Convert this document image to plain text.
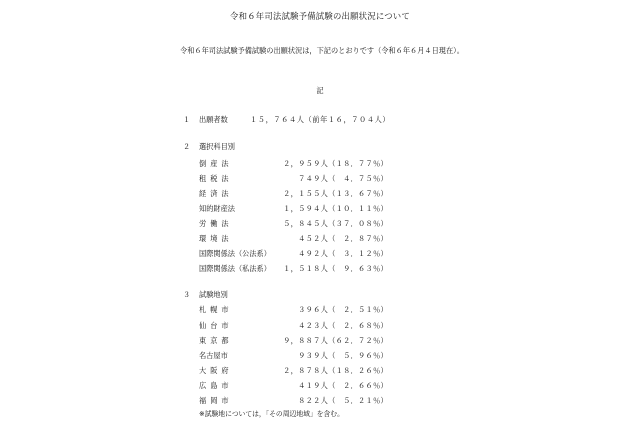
令和６年司法試験予備試験の出願状況について
令和６年司法試験予備試験の出願状況は，下記のとおりです（令和６年６月４日現在）。
記
１ 出願者数	１５，７６４人（前年１６，７０４人）
２ 選択科目別
倒産法	２，９５９人（１８．７７％）
租税法	７４９人（　４．７５％）
経済法	２，１５５人（１３．６７％）
知的財産法	１，５９４人（１０．１１％）
労働法	５，８４５人（３７．０８％）
環境法	４５２人（　２．８７％）
国際関係法（公法系）	４９２人（　３．１２％）
国際関係法（私法系） １，５１８人（　９．６３％）
３ 試験地別
札幌市	３９６人（　２．５１％）
仙台市	４２３人（　２．６８％）
東京都	９，８８７人（６２．７２％）
名古屋市	９３９人（　５．９６％）
大阪府	２，８７８人（１８．２６％）
広島市	４１９人（　２．６６％）
福岡市	８２２人（　５．２１％）
※試験地については，「その周辺地域」を含む。
